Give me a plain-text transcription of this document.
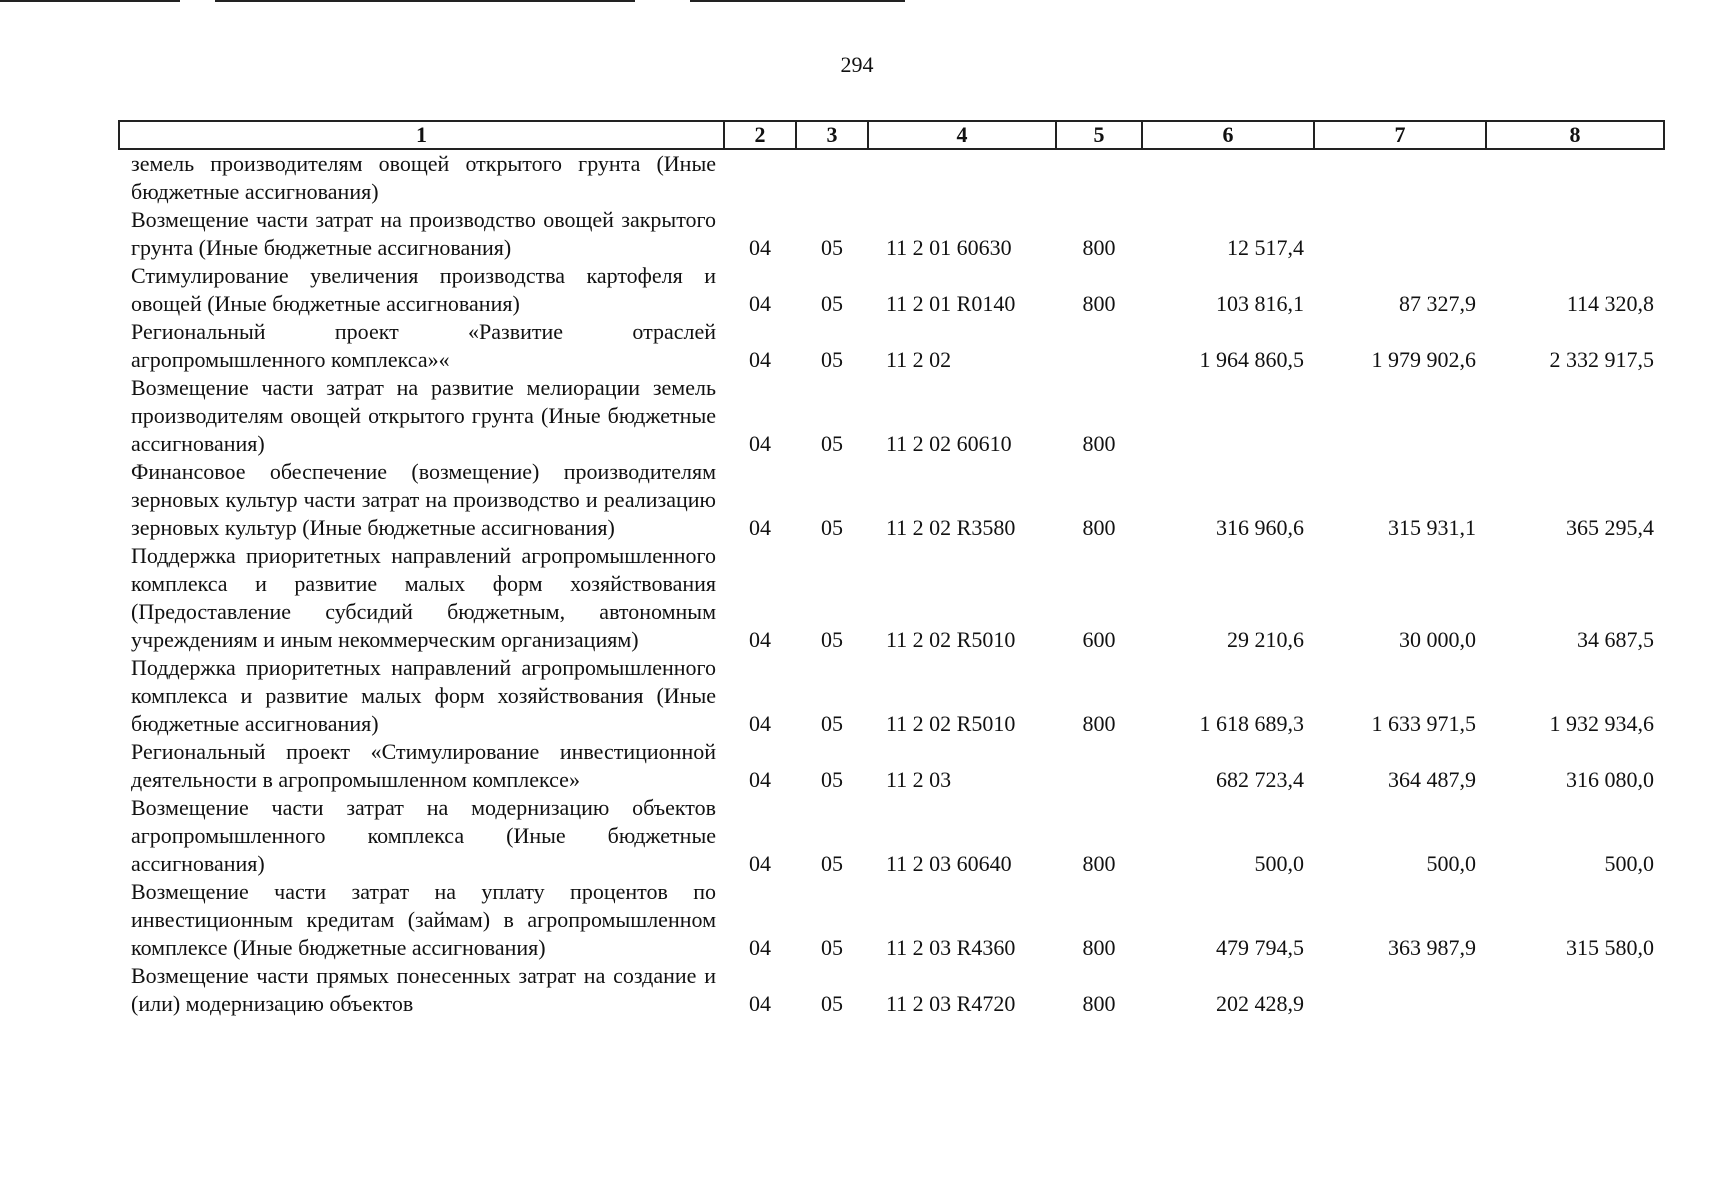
294
1	2	3	4	5	6	7	8
земель производителям овощей открытого грунта (Иные бюджетные ассигнования)							
Возмещение части затрат на производство овощей закрытого грунта (Иные бюджетные ассигнования)	04	05	11 2 01 60630	800	12 517,4		
Стимулирование увеличения производства картофеля и овощей (Иные бюджетные ассигнования)	04	05	11 2 01 R0140	800	103 816,1	87 327,9	114 320,8
Региональный проект «Развитие отраслей агропромышленного комплекса»«	04	05	11 2 02		1 964 860,5	1 979 902,6	2 332 917,5
Возмещение части затрат на развитие мелиорации земель производителям овощей открытого грунта (Иные бюджетные ассигнования)	04	05	11 2 02 60610	800			
Финансовое обеспечение (возмещение) производителям зерновых культур части затрат на производство и реализацию зерновых культур (Иные бюджетные ассигнования)	04	05	11 2 02 R3580	800	316 960,6	315 931,1	365 295,4
Поддержка приоритетных направлений агропромышленного комплекса и развитие малых форм хозяйствования (Предоставление субсидий бюджетным, автономным учреждениям и иным некоммерческим организациям)	04	05	11 2 02 R5010	600	29 210,6	30 000,0	34 687,5
Поддержка приоритетных направлений агропромышленного комплекса и развитие малых форм хозяйствования (Иные бюджетные ассигнования)	04	05	11 2 02 R5010	800	1 618 689,3	1 633 971,5	1 932 934,6
Региональный проект «Стимулирование инвестиционной деятельности в агропромышленном комплексе»	04	05	11 2 03		682 723,4	364 487,9	316 080,0
Возмещение части затрат на модернизацию объектов агропромышленного комплекса (Иные бюджетные ассигнования)	04	05	11 2 03 60640	800	500,0	500,0	500,0
Возмещение части затрат на уплату процентов по инвестиционным кредитам (займам) в агропромышленном комплексе (Иные бюджетные ассигнования)	04	05	11 2 03 R4360	800	479 794,5	363 987,9	315 580,0
Возмещение части прямых понесенных затрат на создание и (или) модернизацию объектов	04	05	11 2 03 R4720	800	202 428,9		
